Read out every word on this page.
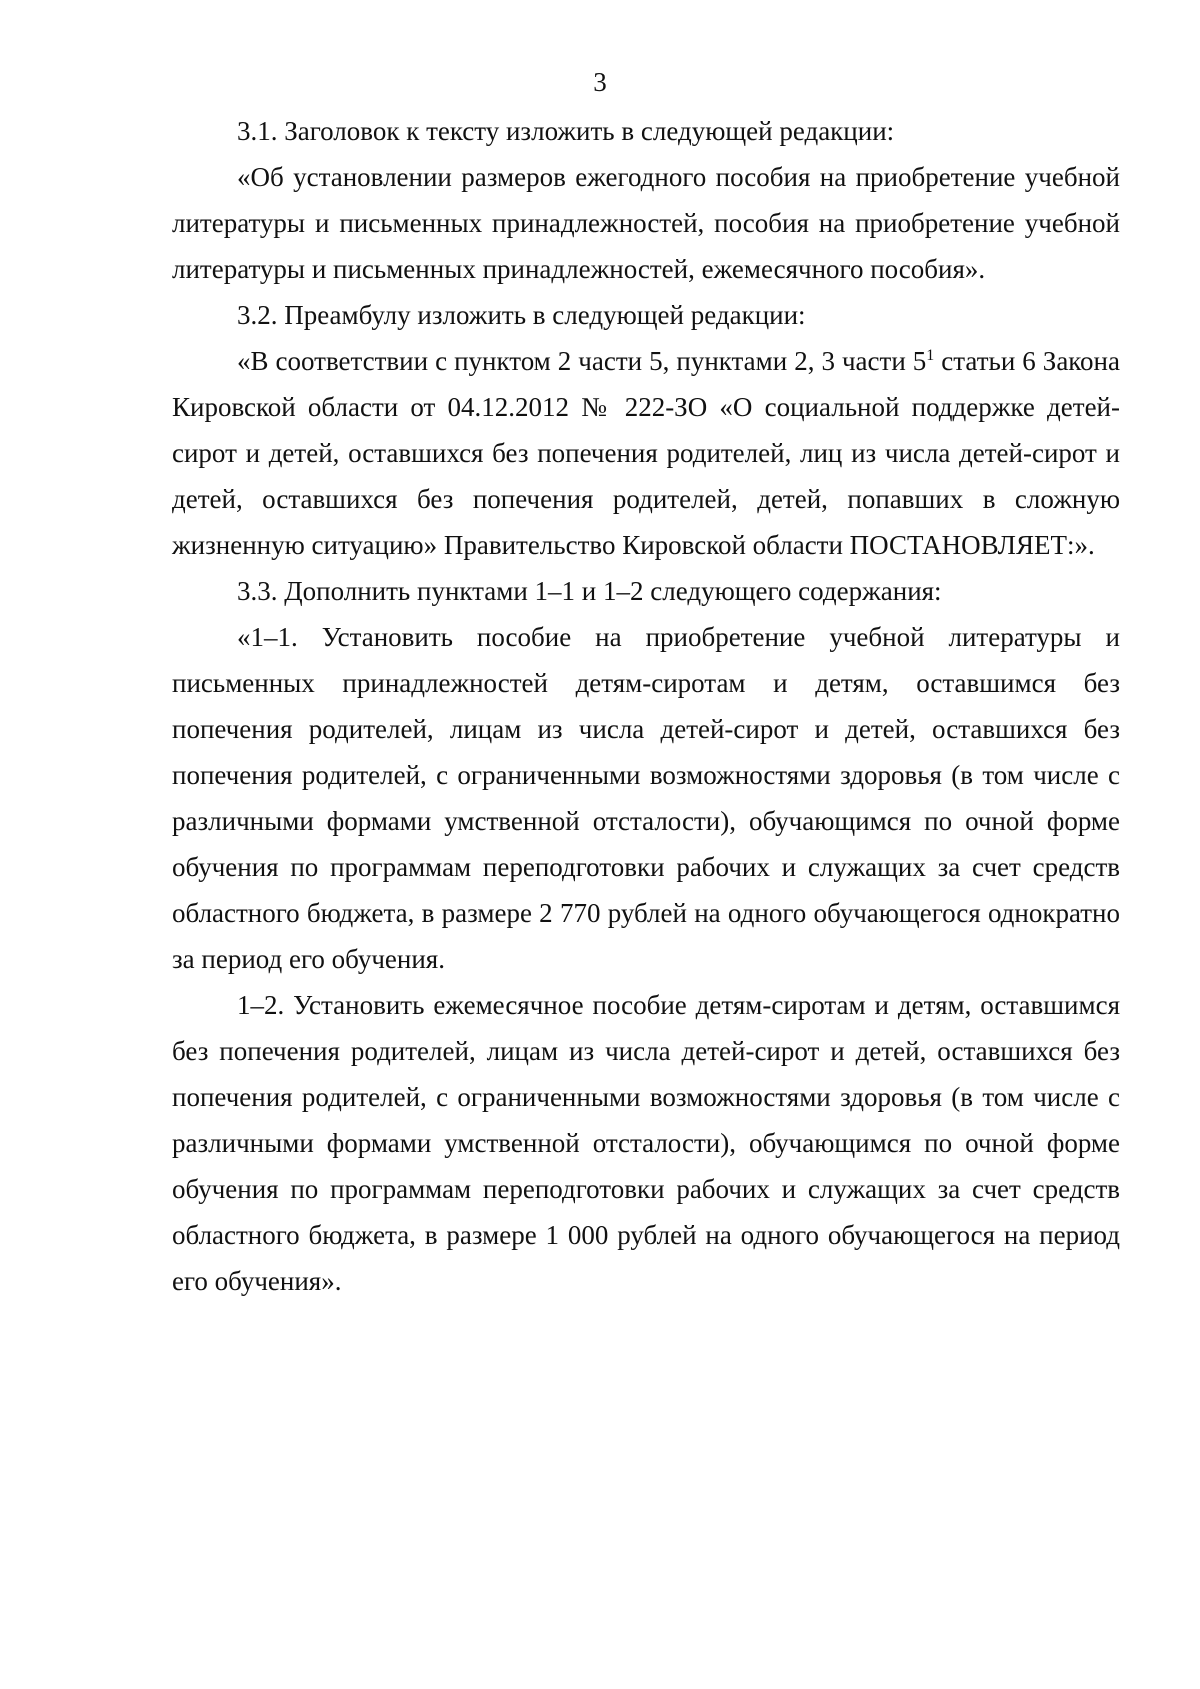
3

3.1. Заголовок к тексту изложить в следующей редакции:

«Об установлении размеров ежегодного пособия на приобретение учебной литературы и письменных принадлежностей, пособия на приобретение учебной литературы и письменных принадлежностей, ежемесячного пособия».

3.2. Преамбулу изложить в следующей редакции:

«В соответствии с пунктом 2 части 5, пунктами 2, 3 части $5^1$ статьи 6 Закона Кировской области от 04.12.2012 № 222-ЗО «О социальной поддержке детей-сирот и детей, оставшихся без попечения родителей, лиц из числа детей-сирот и детей, оставшихся без попечения родителей, детей, попавших в сложную жизненную ситуацию» Правительство Кировской области ПОСТАНОВЛЯЕТ:».

3.3. Дополнить пунктами 1–1 и 1–2 следующего содержания:

«1–1. Установить пособие на приобретение учебной литературы и письменных принадлежностей детям-сиротам и детям, оставшимся без попечения родителей, лицам из числа детей-сирот и детей, оставшихся без попечения родителей, с ограниченными возможностями здоровья (в том числе с различными формами умственной отсталости), обучающимся по очной форме обучения по программам переподготовки рабочих и служащих за счет средств областного бюджета, в размере 2 770 рублей на одного обучающегося однократно за период его обучения.

1–2. Установить ежемесячное пособие детям-сиротам и детям, оставшимся без попечения родителей, лицам из числа детей-сирот и детей, оставшихся без попечения родителей, с ограниченными возможностями здоровья (в том числе с различными формами умственной отсталости), обучающимся по очной форме обучения по программам переподготовки рабочих и служащих за счет средств областного бюджета, в размере 1 000 рублей на одного обучающегося на период его обучения».
